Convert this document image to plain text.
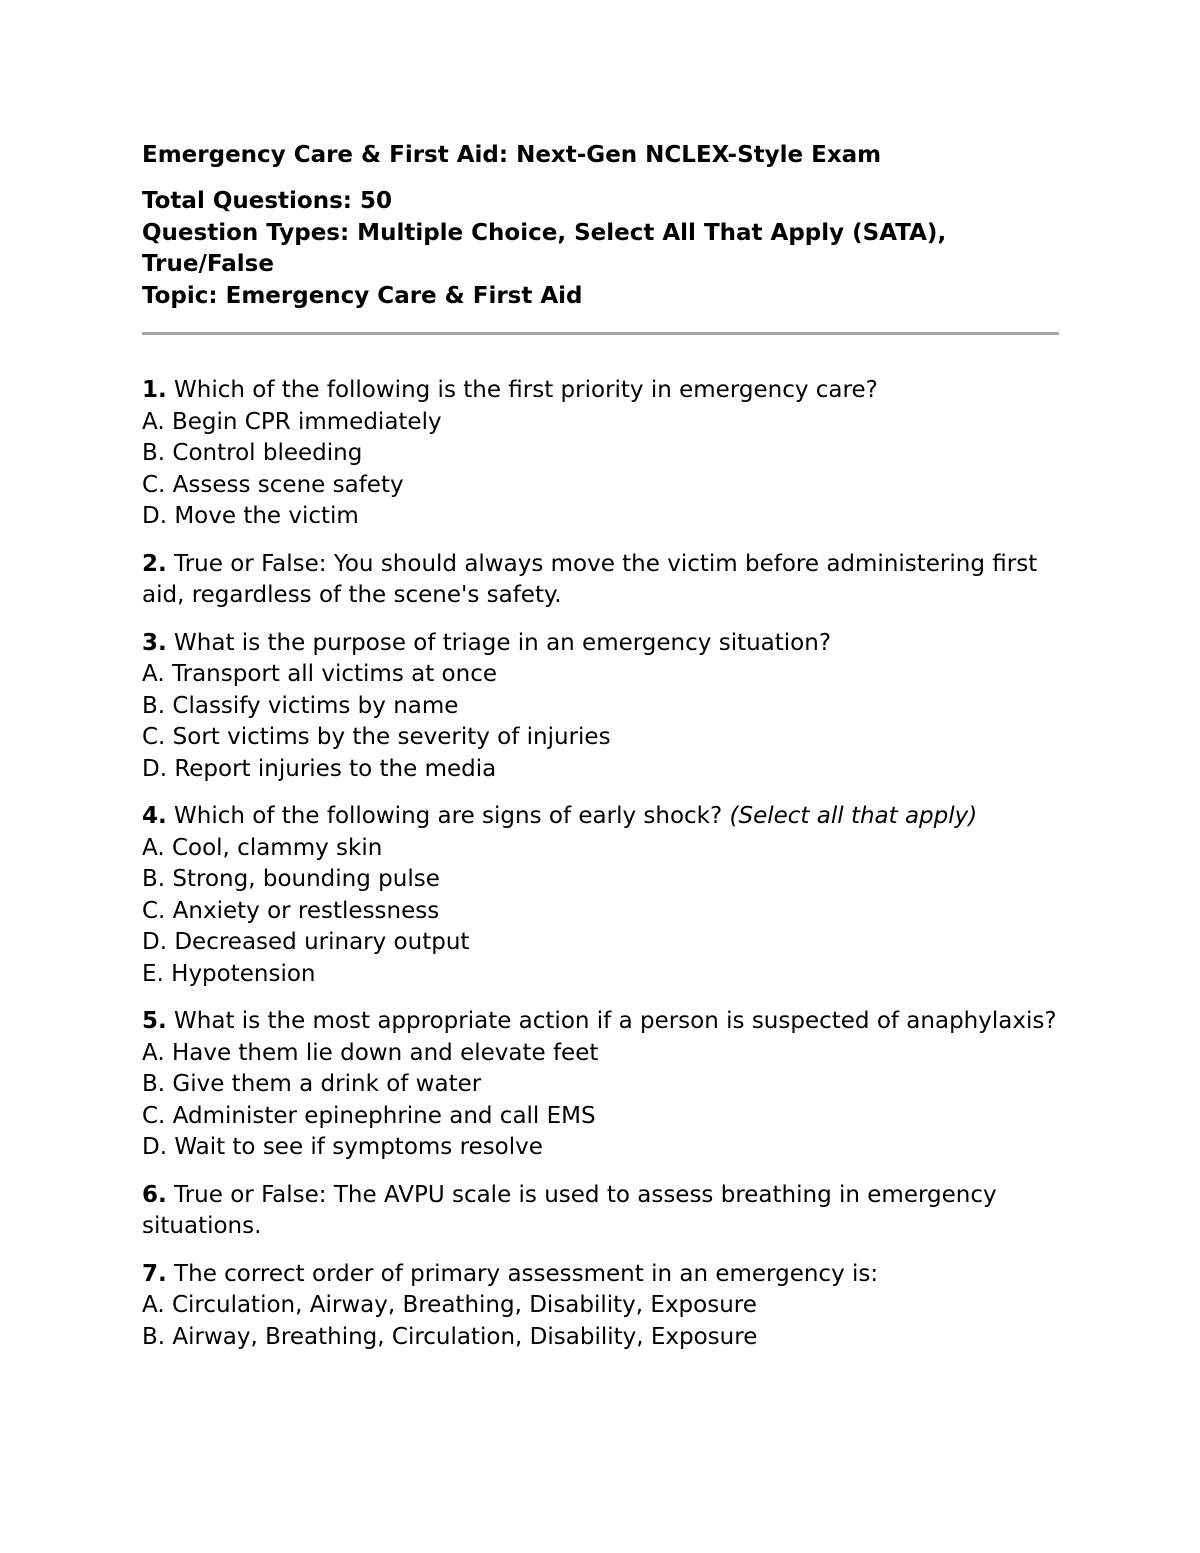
Emergency Care & First Aid: Next-Gen NCLEX-Style Exam
Total Questions: 50
Question Types: Multiple Choice, Select All That Apply (SATA),
True/False
Topic: Emergency Care & First Aid

1. Which of the following is the first priority in emergency care?

A. Begin CPR immediately

B. Control bleeding

C. Assess scene safety

D. Move the victim

2. True or False: You should always move the victim before administering first aid, regardless of the scene's safety.

3. What is the purpose of triage in an emergency situation?

A. Transport all victims at once

B. Classify victims by name

C. Sort victims by the severity of injuries

D. Report injuries to the media

4. Which of the following are signs of early shock? (Select all that apply)

A. Cool, clammy skin

B. Strong, bounding pulse

C. Anxiety or restlessness

D. Decreased urinary output

E. Hypotension

5. What is the most appropriate action if a person is suspected of anaphylaxis?

A. Have them lie down and elevate feet

B. Give them a drink of water

C. Administer epinephrine and call EMS

D. Wait to see if symptoms resolve

6. True or False: The AVPU scale is used to assess breathing in emergency situations.

7. The correct order of primary assessment in an emergency is:

A. Circulation, Airway, Breathing, Disability, Exposure

B. Airway, Breathing, Circulation, Disability, Exposure
